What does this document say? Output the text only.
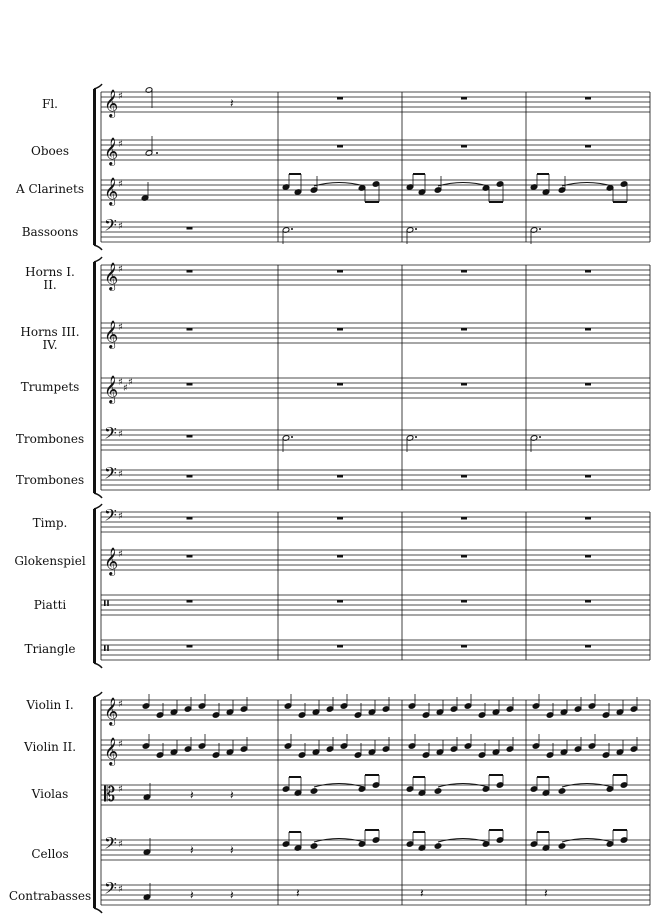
𝄞 ♯
𝄞 ♯
𝄞 ♯
𝄢 ♯
𝄞 ♯
𝄞 ♯
𝄞 ♯
♯
♯
𝄢 ♯
𝄢 ♯
𝄢 ♯
𝄞 ♯
𝄥
𝄥
𝄞 ♯
𝄞 ♯
𝄡 ♯
𝄢 ♯
𝄢 ♯
𝄽
𝄽	𝄽
𝄽	𝄽
𝄽	𝄽	𝄽	𝄽	𝄽
Fl.
Oboes
A Clarinets
Bassoons
Horns I.
II.
Horns III.
IV.
Trumpets
Trombones
Trombones
Timp.
Glokenspiel
Piatti
Triangle
Violin I.
Violin II.
Violas
Cellos
Contrabasses
